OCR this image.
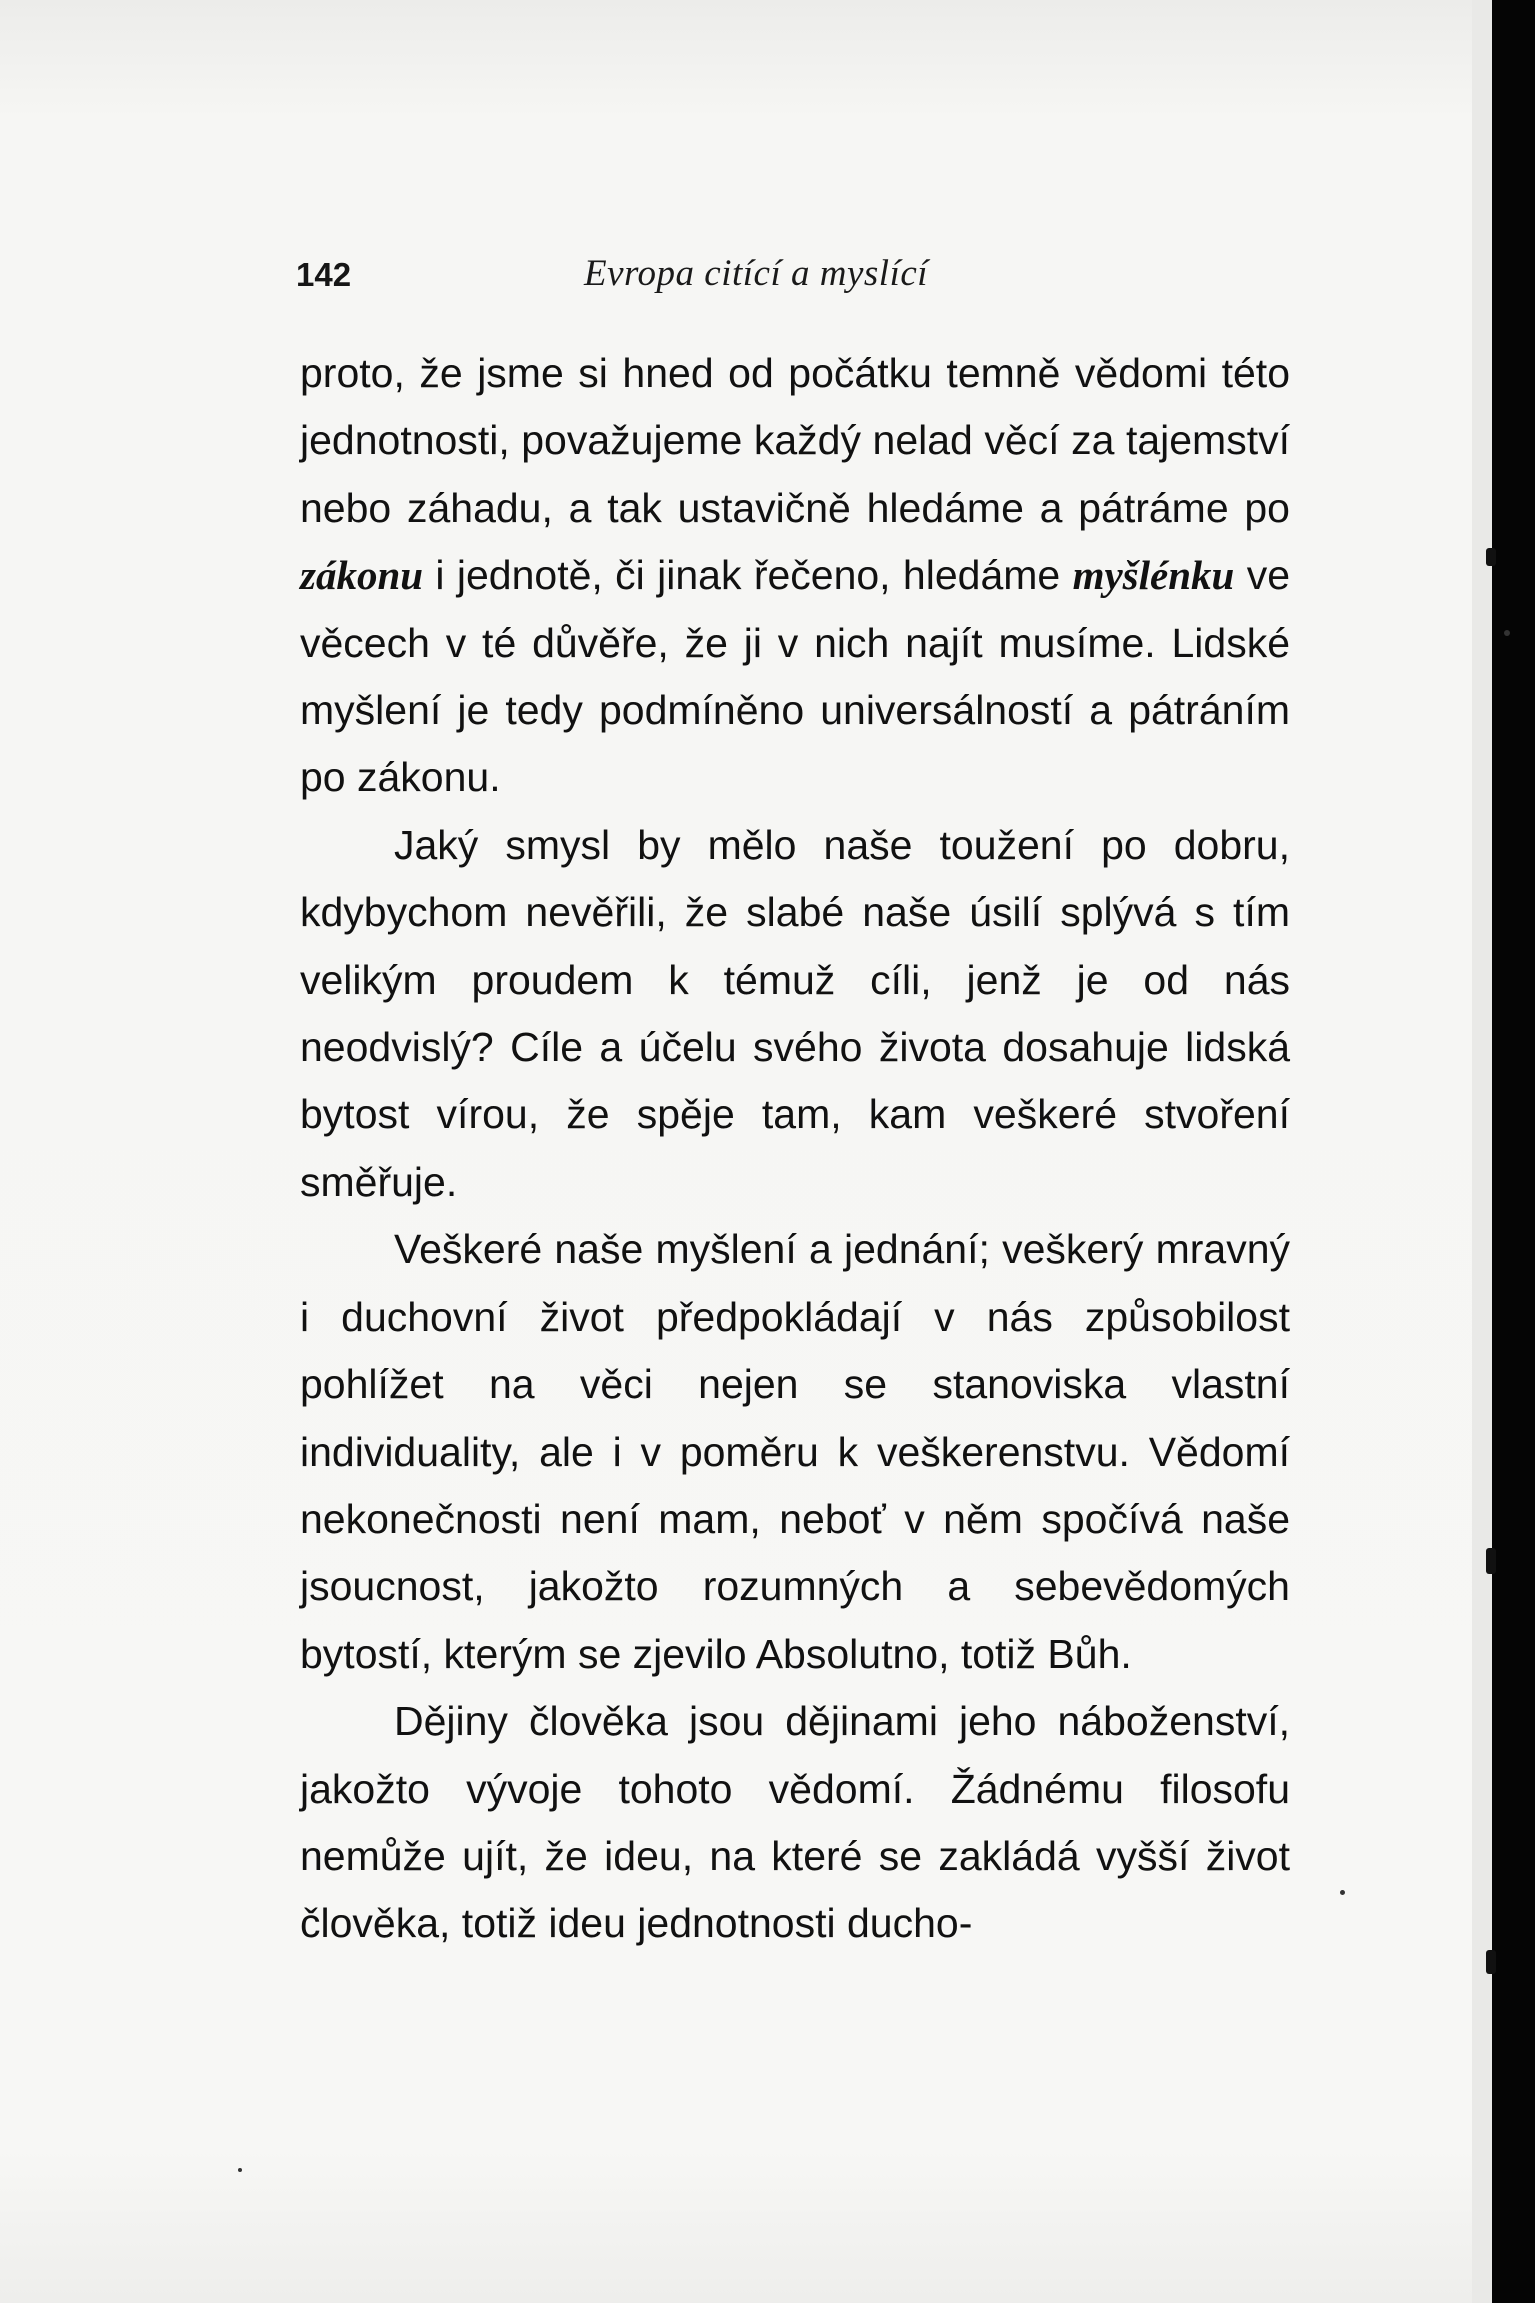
142	Evropa citící a myslící

proto, že jsme si hned od počátku temně vědomi této jednotnosti, považujeme každý nelad věcí za tajemství nebo záhadu, a tak ustavičně hledáme a pátráme po zákonu i jednotě, či jinak řečeno, hledáme myšlénku ve věcech v té důvěře, že ji v nich najít musíme. Lidské myšlení je tedy podmíněno universálností a pátráním po zákonu.

Jaký smysl by mělo naše toužení po dobru, kdybychom nevěřili, že slabé naše úsilí splývá s tím velikým proudem k témuž cíli, jenž je od nás neodvislý? Cíle a účelu svého života dosahuje lidská bytost vírou, že spěje tam, kam veškeré stvoření směřuje.

Veškeré naše myšlení a jednání; veškerý mravný i duchovní život předpokládají v nás způsobilost pohlížet na věci nejen se stanoviska vlastní individuality, ale i v poměru k veškerenstvu. Vědomí nekonečnosti není mam, neboť v něm spočívá naše jsoucnost, jakožto rozumných a sebevědomých bytostí, kterým se zjevilo Absolutno, totiž Bůh.

Dějiny člověka jsou dějinami jeho náboženství, jakožto vývoje tohoto vědomí. Žádnému filosofu nemůže ujít, že ideu, na které se zakládá vyšší život člověka, totiž ideu jednotnosti ducho-
